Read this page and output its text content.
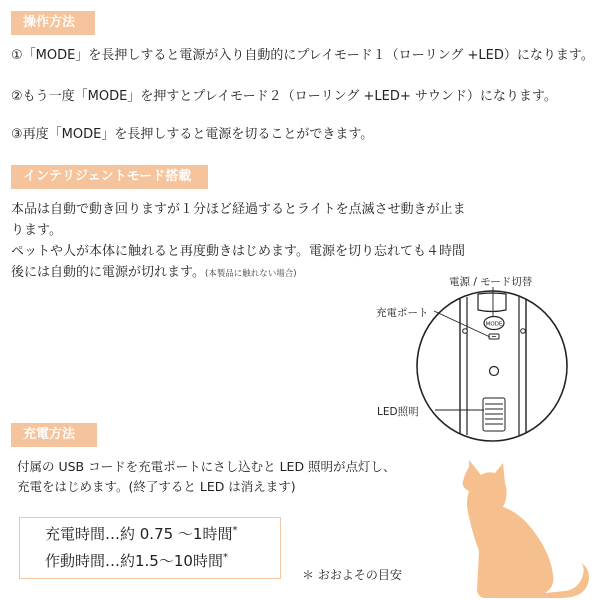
操作方法
①「MODE」を長押しすると電源が入り自動的にプレイモード１（ローリング +LED）になります。
②もう一度「MODE」を押すとプレイモード２（ローリング +LED+ サウンド）になります。
③再度「MODE」を長押しすると電源を切ることができます。
インテリジェントモード搭載
本品は自動で動き回りますが１分ほど経過するとライトを点滅させ動きが止まります。
ペットや人が本体に触れると再度動きはじめます。電源を切り忘れても４時間後には自動的に電源が切れます。(本製品に触れない場合)
MODE
電源 / モード切替
充電ポート
LED照明
充電方法
付属の USB コードを充電ポートにさし込むと LED 照明が点灯し、
充電をはじめます。(終了すると LED は消えます)
充電時間…約 0.75 〜1時間*
作動時間…約1.5〜10時間*
＊ おおよその目安
